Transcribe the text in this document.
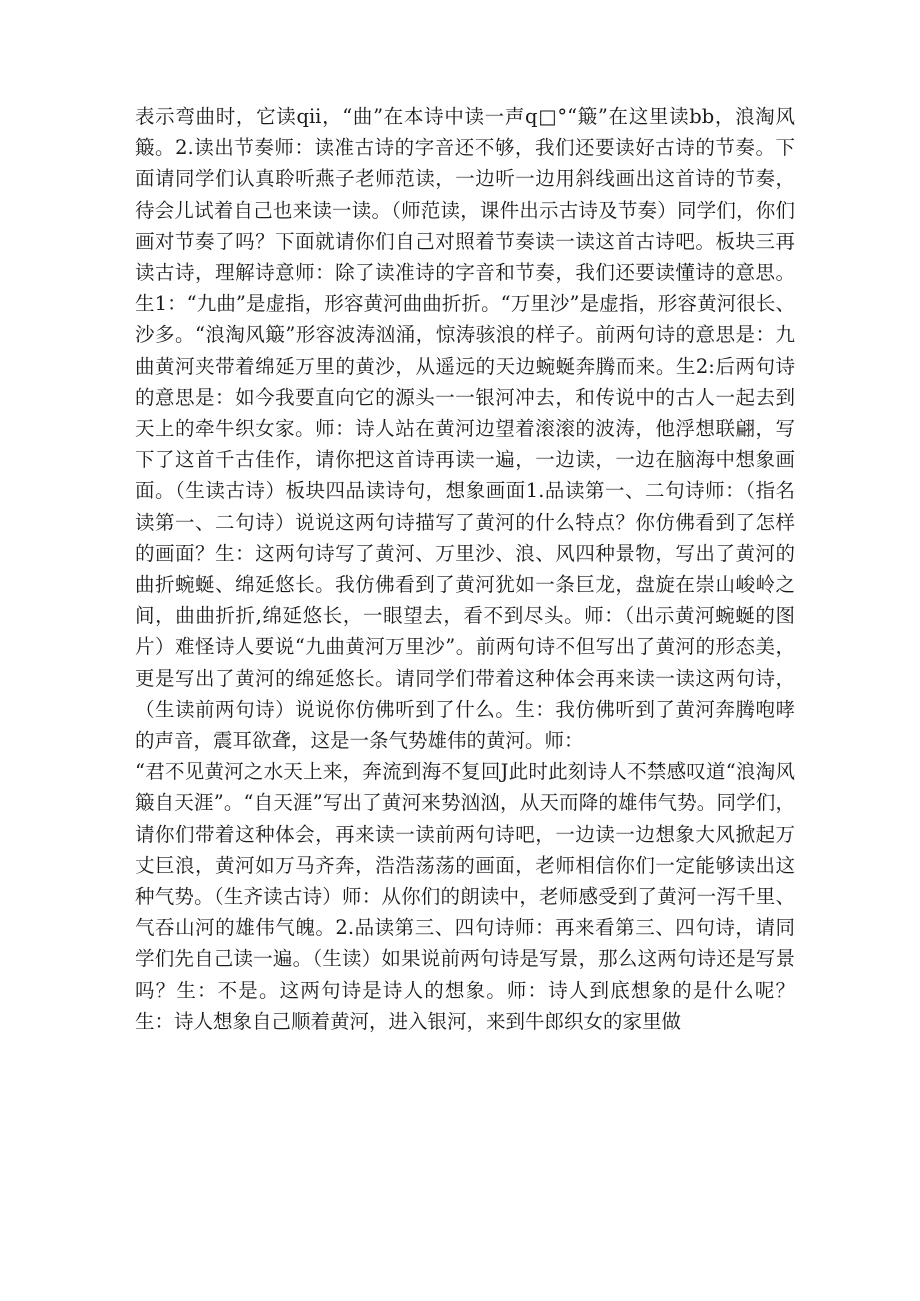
表示弯曲时，它读qii，“曲”在本诗中读一声q□°“簸”在这里读bb，浪淘风簸。2.读出节奏师：读准古诗的字音还不够，我们还要读好古诗的节奏。下面请同学们认真聆听燕子老师范读，一边听一边用斜线画出这首诗的节奏，待会儿试着自己也来读一读。（师范读，课件出示古诗及节奏）同学们，你们画对节奏了吗？下面就请你们自己对照着节奏读一读这首古诗吧。板块三再读古诗，理解诗意师：除了读准诗的字音和节奏，我们还要读懂诗的意思。生1：“九曲”是虚指，形容黄河曲曲折折。“万里沙”是虚指，形容黄河很长、沙多。“浪淘风簸”形容波涛汹涌，惊涛骇浪的样子。前两句诗的意思是：九曲黄河夹带着绵延万里的黄沙，从遥远的天边蜿蜒奔腾而来。生2:后两句诗的意思是：如今我要直向它的源头一一银河冲去，和传说中的古人一起去到天上的牵牛织女家。师：诗人站在黄河边望着滚滚的波涛，他浮想联翩，写下了这首千古佳作，请你把这首诗再读一遍，一边读，一边在脑海中想象画面。（生读古诗）板块四品读诗句，想象画面1.品读第一、二句诗师：（指名读第一、二句诗）说说这两句诗描写了黄河的什么特点？你仿佛看到了怎样的画面？生：这两句诗写了黄河、万里沙、浪、风四种景物，写出了黄河的曲折蜿蜒、绵延悠长。我仿佛看到了黄河犹如一条巨龙，盘旋在崇山峻岭之间，曲曲折折,绵延悠长，一眼望去，看不到尽头。师：（出示黄河蜿蜒的图片）难怪诗人要说“九曲黄河万里沙”。前两句诗不但写出了黄河的形态美，更是写出了黄河的绵延悠长。请同学们带着这种体会再来读一读这两句诗，（生读前两句诗）说说你仿佛听到了什么。生：我仿佛听到了黄河奔腾咆哮的声音，震耳欲聋，这是一条气势雄伟的黄河。师：

“君不见黄河之水天上来，奔流到海不复回J此时此刻诗人不禁感叹道“浪淘风簸自天涯”。“自天涯”写出了黄河来势汹汹，从天而降的雄伟气势。同学们，请你们带着这种体会，再来读一读前两句诗吧，一边读一边想象大风掀起万丈巨浪，黄河如万马齐奔，浩浩荡荡的画面，老师相信你们一定能够读出这种气势。（生齐读古诗）师：从你们的朗读中，老师感受到了黄河一泻千里、气吞山河的雄伟气魄。2.品读第三、四句诗师：再来看第三、四句诗，请同学们先自己读一遍。（生读）如果说前两句诗是写景，那么这两句诗还是写景吗？生：不是。这两句诗是诗人的想象。师：诗人到底想象的是什么呢？生：诗人想象自己顺着黄河，进入银河，来到牛郎织女的家里做
